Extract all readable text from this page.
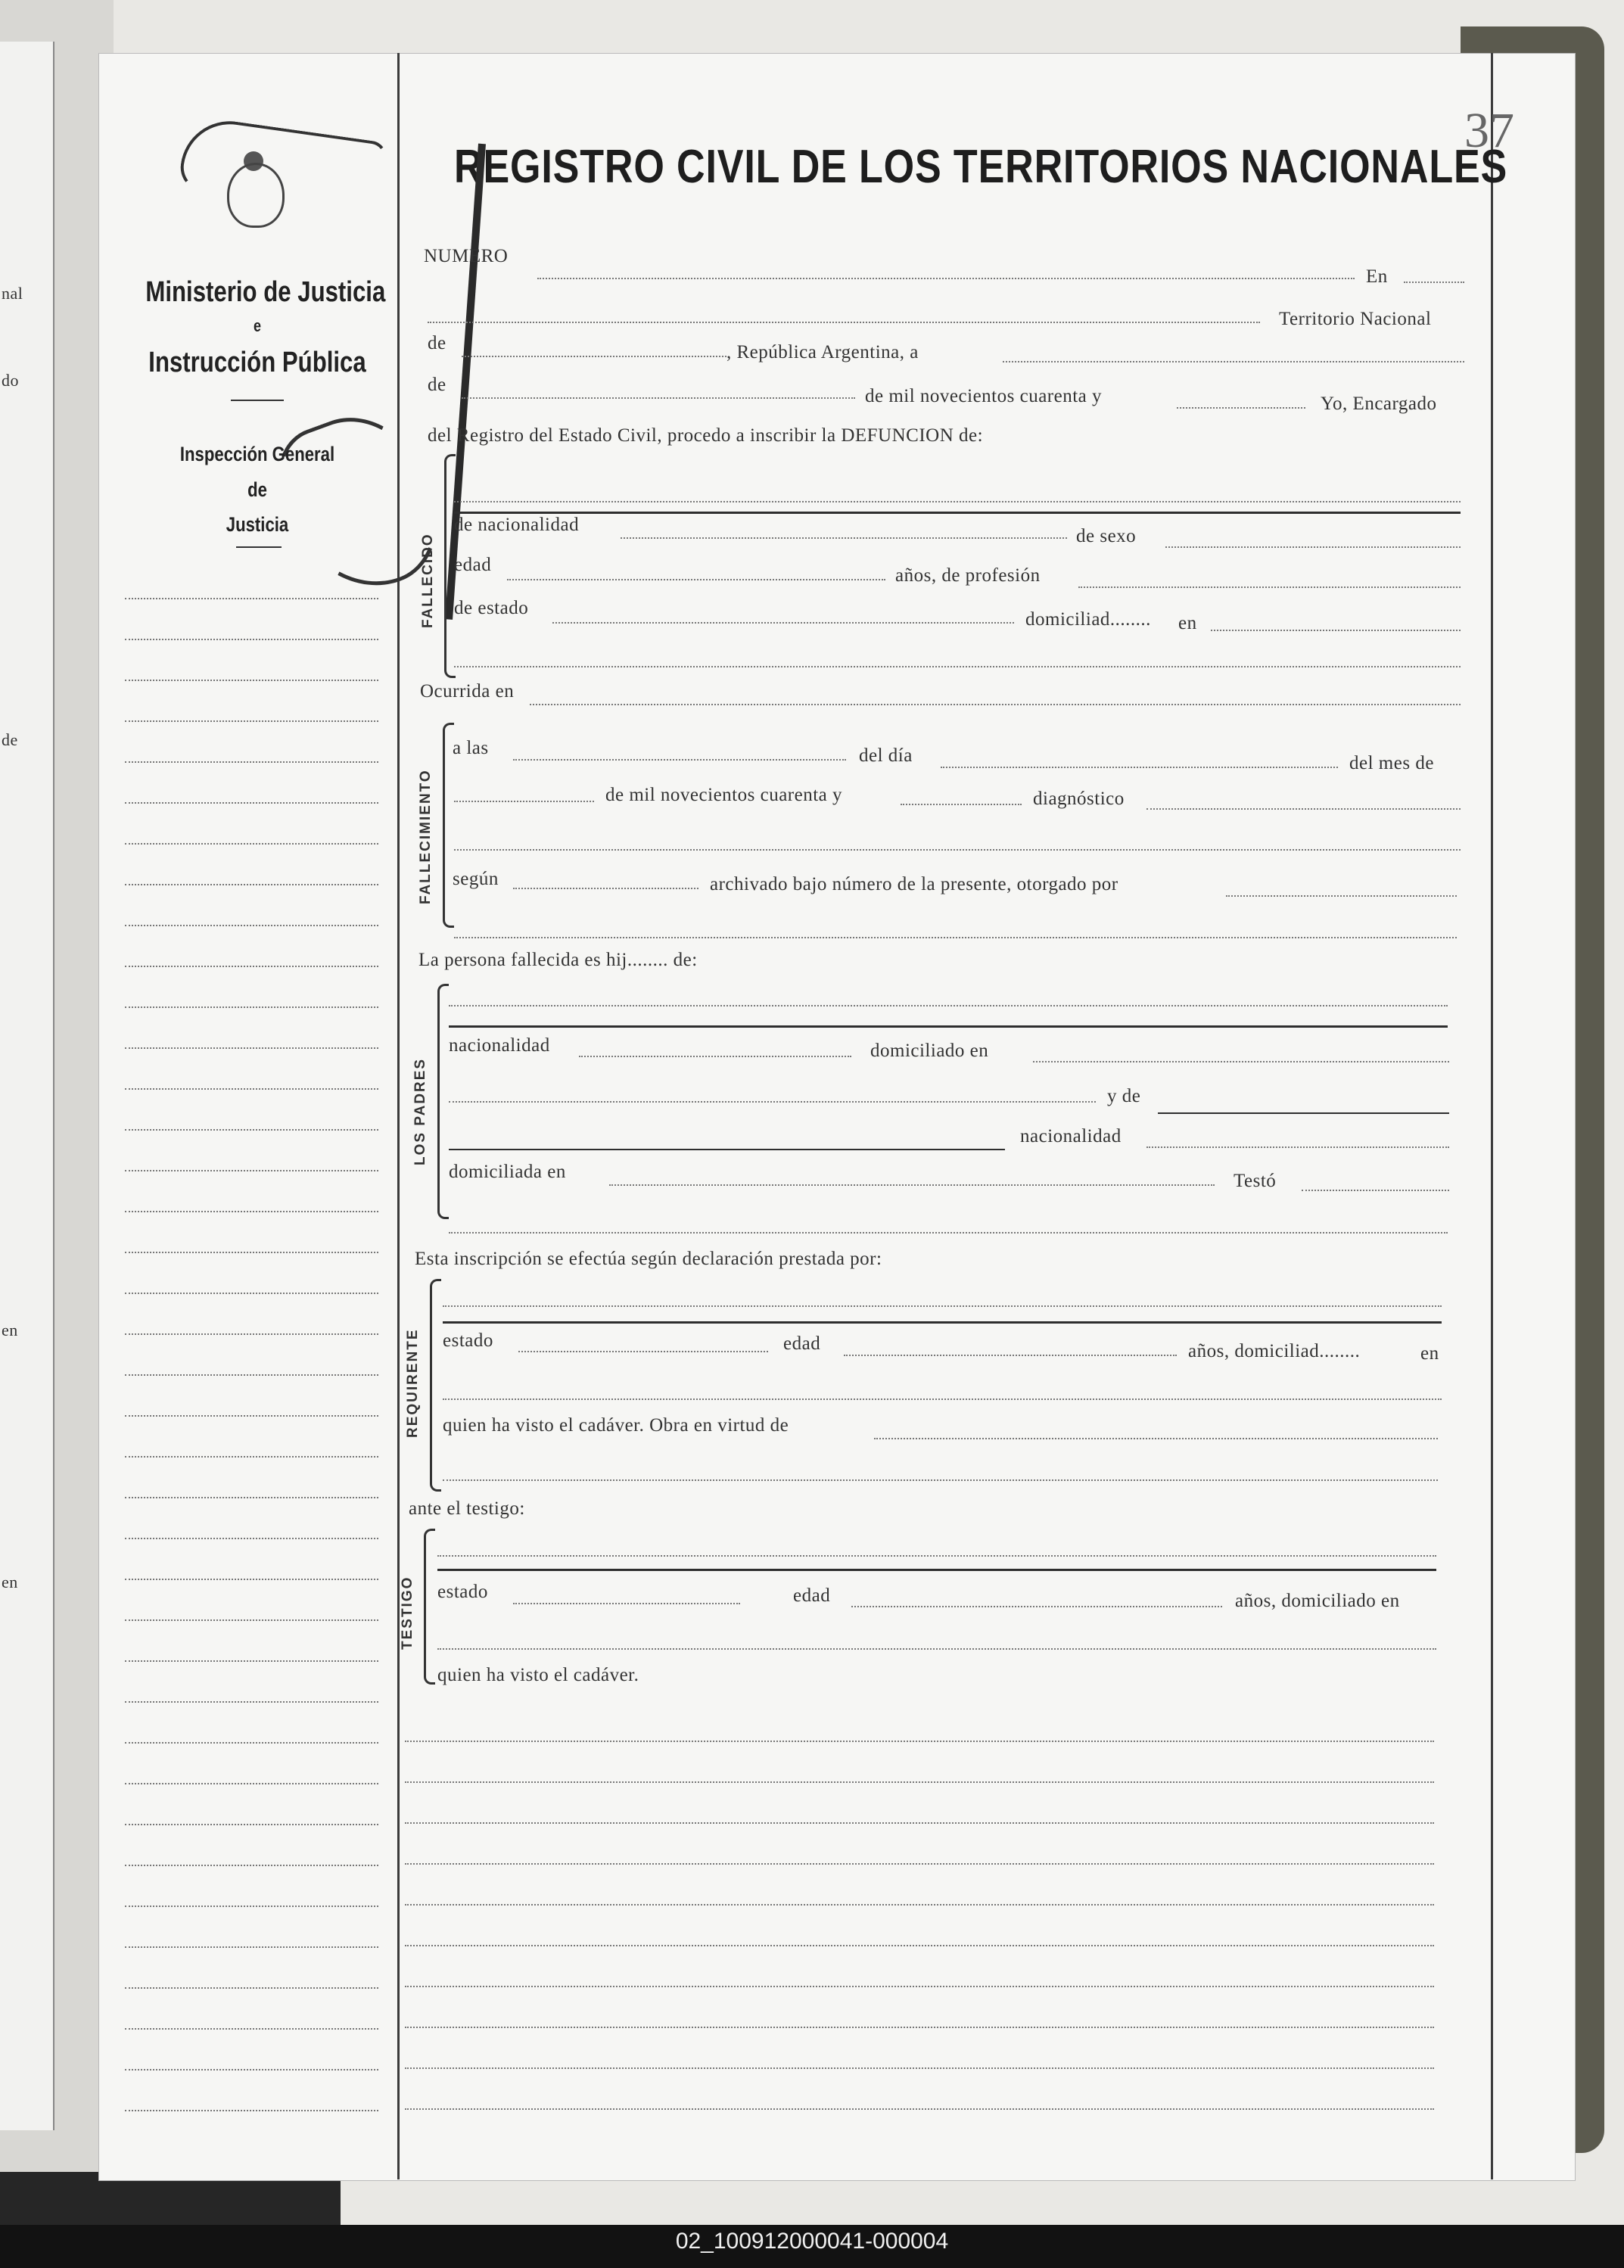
nal
do
de
en
en
37
REGISTRO CIVIL DE LOS TERRITORIOS NACIONALES
Ministerio de Justicia
e
Instrucción Pública
Inspección General
de
Justicia
NUMERO
En
Territorio Nacional
de	, República Argentina, a
de
de mil novecientos cuarenta y	Yo, Encargado
del Registro del Estado Civil, procedo a inscribir la DEFUNCION de:
FALLECIDO
de nacionalidad
de sexo
edad
años, de profesión
de estado
domiciliad........ en
Ocurrida en
FALLECIMIENTO
a las	del día	del mes de
de mil novecientos cuarenta y	diagnóstico
según	archivado bajo número de la presente, otorgado por
La persona fallecida es hij........ de:
LOS PADRES
nacionalidad	domiciliado en
y de
nacionalidad
domiciliada en	Testó
Esta inscripción se efectúa según declaración prestada por:
REQUIRENTE estado	edad	años, domiciliad........	en
quien ha visto el cadáver. Obra en virtud de
ante el testigo:
TESTIGO estado	edad	años, domiciliado en
quien ha visto el cadáver.
02_100912000041-000004
